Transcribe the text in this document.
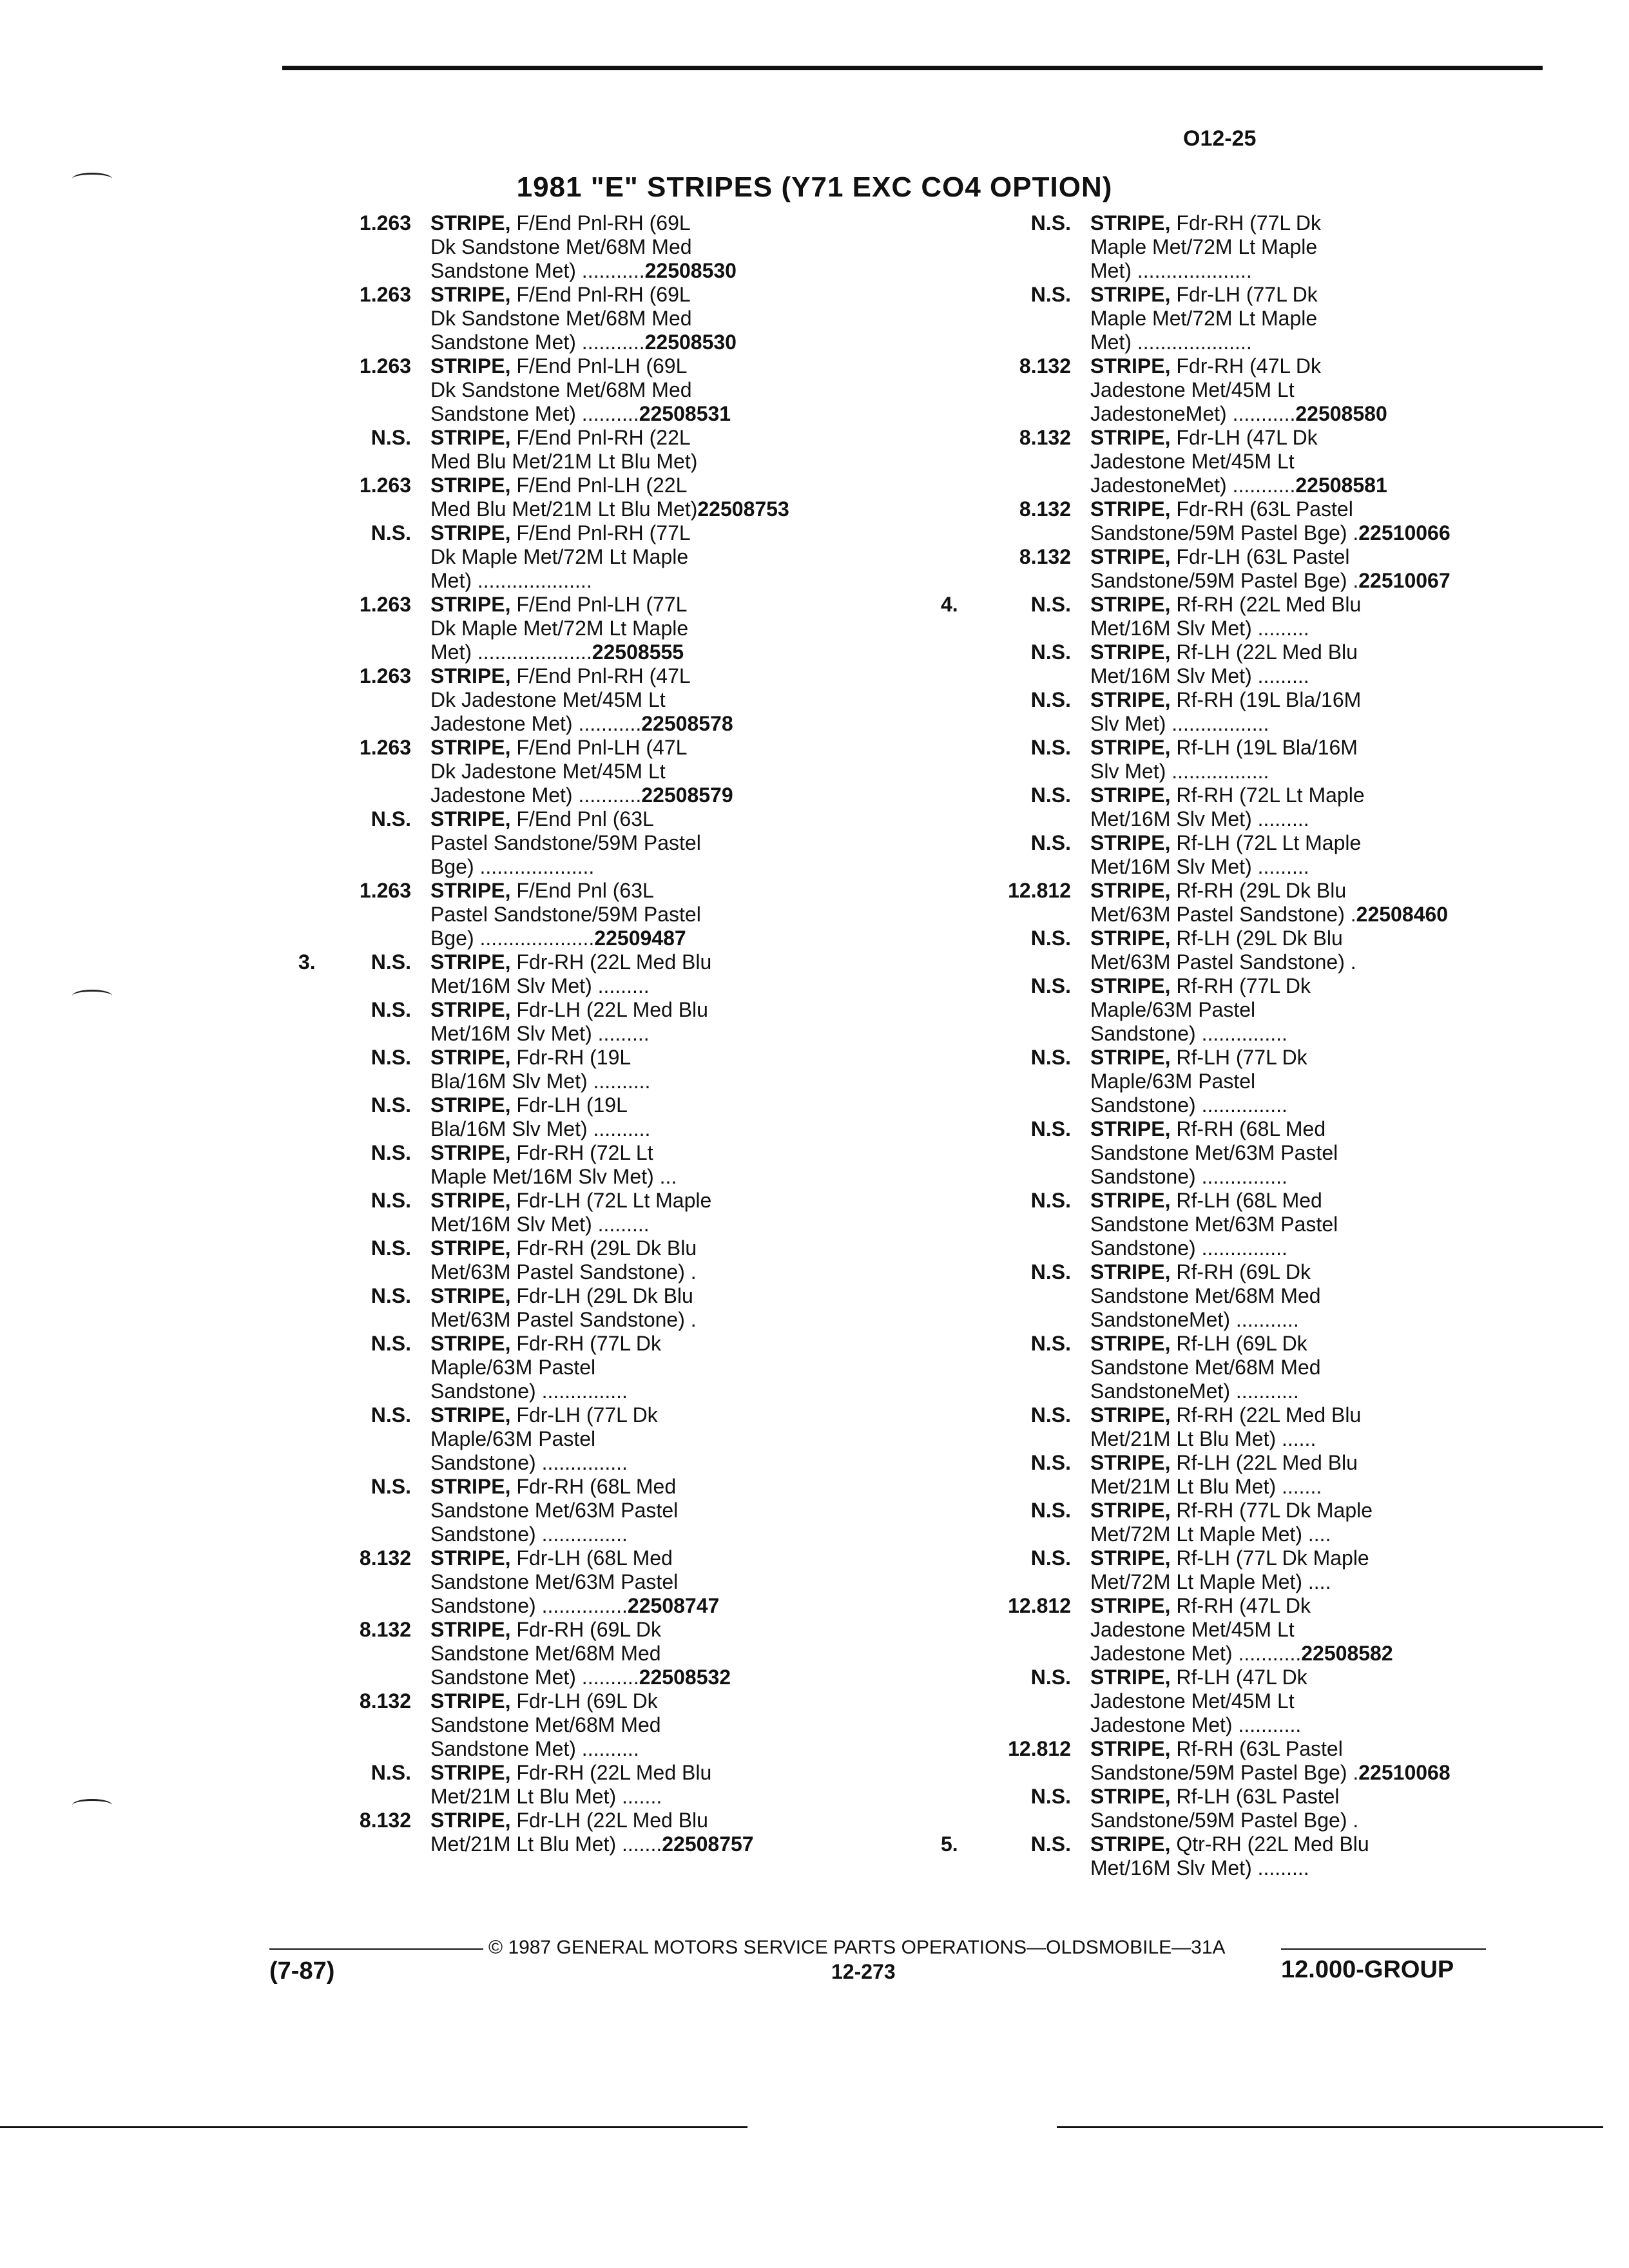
O12-25
1981 "E" STRIPES (Y71 EXC CO4 OPTION)
1.263 STRIPE, F/End Pnl-RH (69L
Dk Sandstone Met/68M Med
Sandstone Met) ...........22508530
1.263 STRIPE, F/End Pnl-RH (69L
Dk Sandstone Met/68M Med
Sandstone Met) ...........22508530
1.263 STRIPE, F/End Pnl-LH (69L
Dk Sandstone Met/68M Med
Sandstone Met) ..........22508531
N.S. STRIPE, F/End Pnl-RH (22L
Med Blu Met/21M Lt Blu Met)
1.263 STRIPE, F/End Pnl-LH (22L
Med Blu Met/21M Lt Blu Met)22508753
N.S. STRIPE, F/End Pnl-RH (77L
Dk Maple Met/72M Lt Maple
Met) ....................
1.263 STRIPE, F/End Pnl-LH (77L
Dk Maple Met/72M Lt Maple
Met) ....................22508555
1.263 STRIPE, F/End Pnl-RH (47L
Dk Jadestone Met/45M Lt
Jadestone Met) ...........22508578
1.263 STRIPE, F/End Pnl-LH (47L
Dk Jadestone Met/45M Lt
Jadestone Met) ...........22508579
N.S. STRIPE, F/End Pnl (63L
Pastel Sandstone/59M Pastel
Bge) ....................
1.263 STRIPE, F/End Pnl (63L
Pastel Sandstone/59M Pastel
Bge) ....................22509487
3.	N.S. STRIPE, Fdr-RH (22L Med Blu
Met/16M Slv Met) .........
N.S. STRIPE, Fdr-LH (22L Med Blu
Met/16M Slv Met) .........
N.S. STRIPE, Fdr-RH (19L
Bla/16M Slv Met) ..........
N.S. STRIPE, Fdr-LH (19L
Bla/16M Slv Met) ..........
N.S. STRIPE, Fdr-RH (72L Lt
Maple Met/16M Slv Met) ...
N.S. STRIPE, Fdr-LH (72L Lt Maple
Met/16M Slv Met) .........
N.S. STRIPE, Fdr-RH (29L Dk Blu
Met/63M Pastel Sandstone) .
N.S. STRIPE, Fdr-LH (29L Dk Blu
Met/63M Pastel Sandstone) .
N.S. STRIPE, Fdr-RH (77L Dk
Maple/63M Pastel
Sandstone) ...............
N.S. STRIPE, Fdr-LH (77L Dk
Maple/63M Pastel
Sandstone) ...............
N.S. STRIPE, Fdr-RH (68L Med
Sandstone Met/63M Pastel
Sandstone) ...............
8.132 STRIPE, Fdr-LH (68L Med
Sandstone Met/63M Pastel
Sandstone) ...............22508747
8.132 STRIPE, Fdr-RH (69L Dk
Sandstone Met/68M Med
Sandstone Met) ..........22508532
8.132 STRIPE, Fdr-LH (69L Dk
Sandstone Met/68M Med
Sandstone Met) ..........
N.S. STRIPE, Fdr-RH (22L Med Blu
Met/21M Lt Blu Met) .......
8.132 STRIPE, Fdr-LH (22L Med Blu
Met/21M Lt Blu Met) .......22508757
N.S. STRIPE, Fdr-RH (77L Dk
Maple Met/72M Lt Maple
Met) ....................
N.S. STRIPE, Fdr-LH (77L Dk
Maple Met/72M Lt Maple
Met) ....................
8.132 STRIPE, Fdr-RH (47L Dk
Jadestone Met/45M Lt
JadestoneMet) ...........22508580
8.132 STRIPE, Fdr-LH (47L Dk
Jadestone Met/45M Lt
JadestoneMet) ...........22508581
8.132 STRIPE, Fdr-RH (63L Pastel
Sandstone/59M Pastel Bge) .22510066
8.132 STRIPE, Fdr-LH (63L Pastel
Sandstone/59M Pastel Bge) .22510067
4.	N.S. STRIPE, Rf-RH (22L Med Blu
Met/16M Slv Met) .........
N.S. STRIPE, Rf-LH (22L Med Blu
Met/16M Slv Met) .........
N.S. STRIPE, Rf-RH (19L Bla/16M
Slv Met) .................
N.S. STRIPE, Rf-LH (19L Bla/16M
Slv Met) .................
N.S. STRIPE, Rf-RH (72L Lt Maple
Met/16M Slv Met) .........
N.S. STRIPE, Rf-LH (72L Lt Maple
Met/16M Slv Met) .........
12.812 STRIPE, Rf-RH (29L Dk Blu
Met/63M Pastel Sandstone) .22508460
N.S. STRIPE, Rf-LH (29L Dk Blu
Met/63M Pastel Sandstone) .
N.S. STRIPE, Rf-RH (77L Dk
Maple/63M Pastel
Sandstone) ...............
N.S. STRIPE, Rf-LH (77L Dk
Maple/63M Pastel
Sandstone) ...............
N.S. STRIPE, Rf-RH (68L Med
Sandstone Met/63M Pastel
Sandstone) ...............
N.S. STRIPE, Rf-LH (68L Med
Sandstone Met/63M Pastel
Sandstone) ...............
N.S. STRIPE, Rf-RH (69L Dk
Sandstone Met/68M Med
SandstoneMet) ...........
N.S. STRIPE, Rf-LH (69L Dk
Sandstone Met/68M Med
SandstoneMet) ...........
N.S. STRIPE, Rf-RH (22L Med Blu
Met/21M Lt Blu Met) ......
N.S. STRIPE, Rf-LH (22L Med Blu
Met/21M Lt Blu Met) .......
N.S. STRIPE, Rf-RH (77L Dk Maple
Met/72M Lt Maple Met) ....
N.S. STRIPE, Rf-LH (77L Dk Maple
Met/72M Lt Maple Met) ....
12.812 STRIPE, Rf-RH (47L Dk
Jadestone Met/45M Lt
Jadestone Met) ...........22508582
N.S. STRIPE, Rf-LH (47L Dk
Jadestone Met/45M Lt
Jadestone Met) ...........
12.812 STRIPE, Rf-RH (63L Pastel
Sandstone/59M Pastel Bge) .22510068
N.S. STRIPE, Rf-LH (63L Pastel
Sandstone/59M Pastel Bge) .
5.	N.S. STRIPE, Qtr-RH (22L Med Blu
Met/16M Slv Met) .........
(7-87)
© 1987 GENERAL MOTORS SERVICE PARTS OPERATIONS—OLDSMOBILE—31A
12-273	12.000-GROUP
